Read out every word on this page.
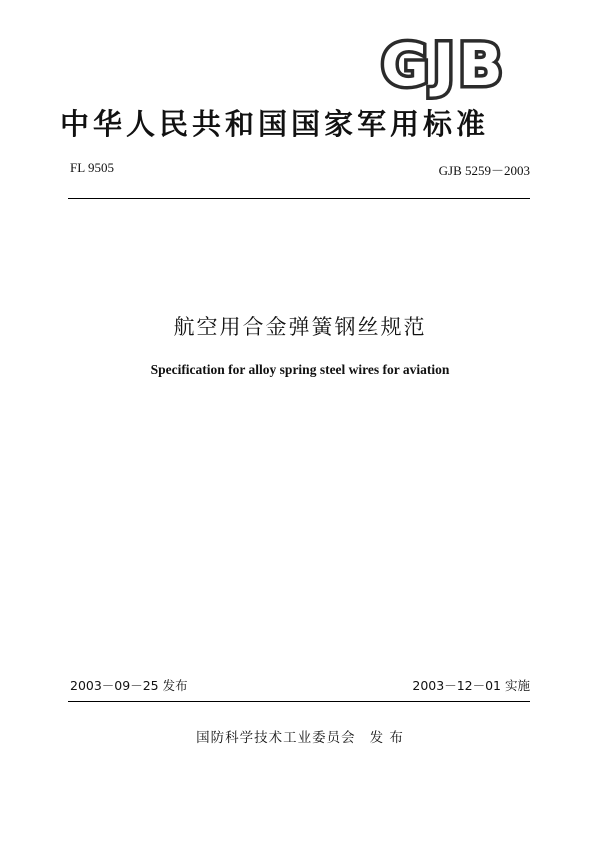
GJB
中华人民共和国国家军用标准
FL 9505	GJB 5259－2003
航空用合金弹簧钢丝规范
Specification for alloy spring steel wires for aviation
2003－09－25 发布	2003－12－01 实施
国防科学技术工业委员会 发 布
